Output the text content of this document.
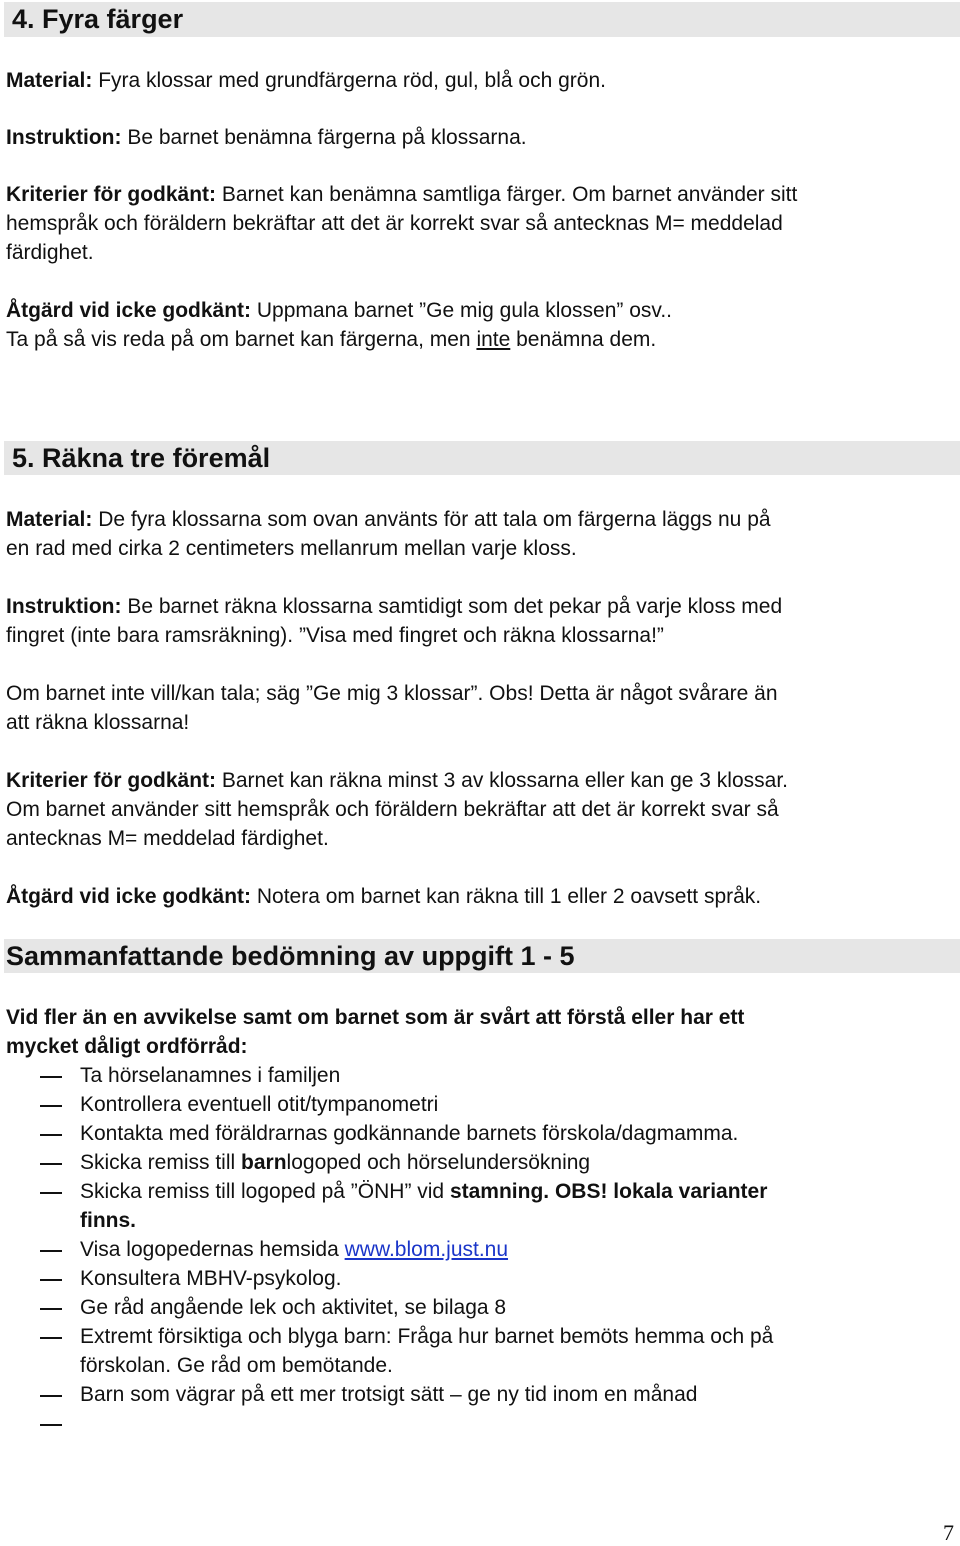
4. Fyra färger
Material: Fyra klossar med grundfärgerna röd, gul, blå och grön.
Instruktion: Be barnet benämna färgerna på klossarna.
Kriterier för godkänt: Barnet kan benämna samtliga färger. Om barnet använder sitt
hemspråk och föräldern bekräftar att det är korrekt svar så antecknas M= meddelad
färdighet.
Åtgärd vid icke godkänt: Uppmana barnet ”Ge mig gula klossen” osv..
Ta på så vis reda på om barnet kan färgerna, men inte benämna dem.
5. Räkna tre föremål
Material: De fyra klossarna som ovan använts för att tala om färgerna läggs nu på
en rad med cirka 2 centimeters mellanrum mellan varje kloss.
Instruktion: Be barnet räkna klossarna samtidigt som det pekar på varje kloss med
fingret (inte bara ramsräkning). ”Visa med fingret och räkna klossarna!”
Om barnet inte vill/kan tala; säg ”Ge mig 3 klossar”. Obs! Detta är något svårare än
att räkna klossarna!
Kriterier för godkänt: Barnet kan räkna minst 3 av klossarna eller kan ge 3 klossar.
Om barnet använder sitt hemspråk och föräldern bekräftar att det är korrekt svar så
antecknas M= meddelad färdighet.
Åtgärd vid icke godkänt: Notera om barnet kan räkna till 1 eller 2 oavsett språk.
Sammanfattande bedömning av uppgift 1 - 5
Vid fler än en avvikelse samt om barnet som är svårt att förstå eller har ett
mycket dåligt ordförråd:
Ta hörselanamnes i familjen
Kontrollera eventuell otit/tympanometri
Kontakta med föräldrarnas godkännande barnets förskola/dagmamma.
Skicka remiss till barnlogoped och hörselundersökning
Skicka remiss till logoped på ”ÖNH” vid stamning. OBS! lokala varianter
finns.
Visa logopedernas hemsida www.blom.just.nu
Konsultera MBHV-psykolog.
Ge råd angående lek och aktivitet, se bilaga 8
Extremt försiktiga och blyga barn: Fråga hur barnet bemöts hemma och på
förskolan. Ge råd om bemötande.
Barn som vägrar på ett mer trotsigt sätt – ge ny tid inom en månad
7
